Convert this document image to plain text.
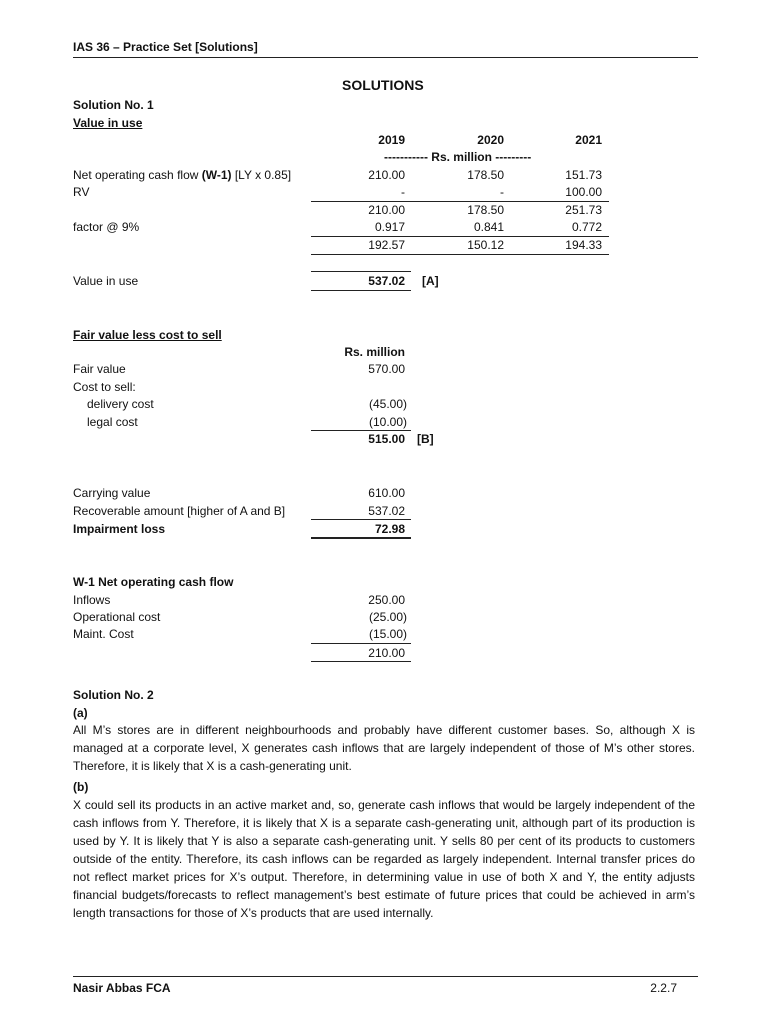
IAS 36 – Practice Set [Solutions]
SOLUTIONS
Solution No. 1
Value in use
2019	2020	2021
----------- Rs. million ---------
Net operating cash flow (W-1) [LY x 0.85]	210.00	178.50	151.73
RV	-	-	100.00
210.00	178.50	251.73
factor @ 9%	0.917	0.841	0.772
192.57	150.12	194.33
Value in use	537.02 [A]
Fair value less cost to sell
Rs. million
Fair value	570.00
Cost to sell:
delivery cost	(45.00)
legal cost	(10.00)
515.00 [B]
Carrying value	610.00
Recoverable amount [higher of A and B]	537.02
Impairment loss	72.98
W-1 Net operating cash flow
Inflows	250.00
Operational cost	(25.00)
Maint. Cost	(15.00)
210.00
Solution No. 2
(a)
All M’s stores are in different neighbourhoods and probably have different customer bases. So, although X is managed at a corporate level, X generates cash inflows that are largely independent of those of M’s other stores. Therefore, it is likely that X is a cash-generating unit.
(b)
X could sell its products in an active market and, so, generate cash inflows that would be largely independent of the cash inflows from Y. Therefore, it is likely that X is a separate cash-generating unit, although part of its production is used by Y. It is likely that Y is also a separate cash-generating unit. Y sells 80 per cent of its products to customers outside of the entity. Therefore, its cash inflows can be regarded as largely independent. Internal transfer prices do not reflect market prices for X’s output. Therefore, in determining value in use of both X and Y, the entity adjusts financial budgets/forecasts to reflect management’s best estimate of future prices that could be achieved in arm’s length transactions for those of X’s products that are used internally.
Nasir Abbas FCA	2.2.7
